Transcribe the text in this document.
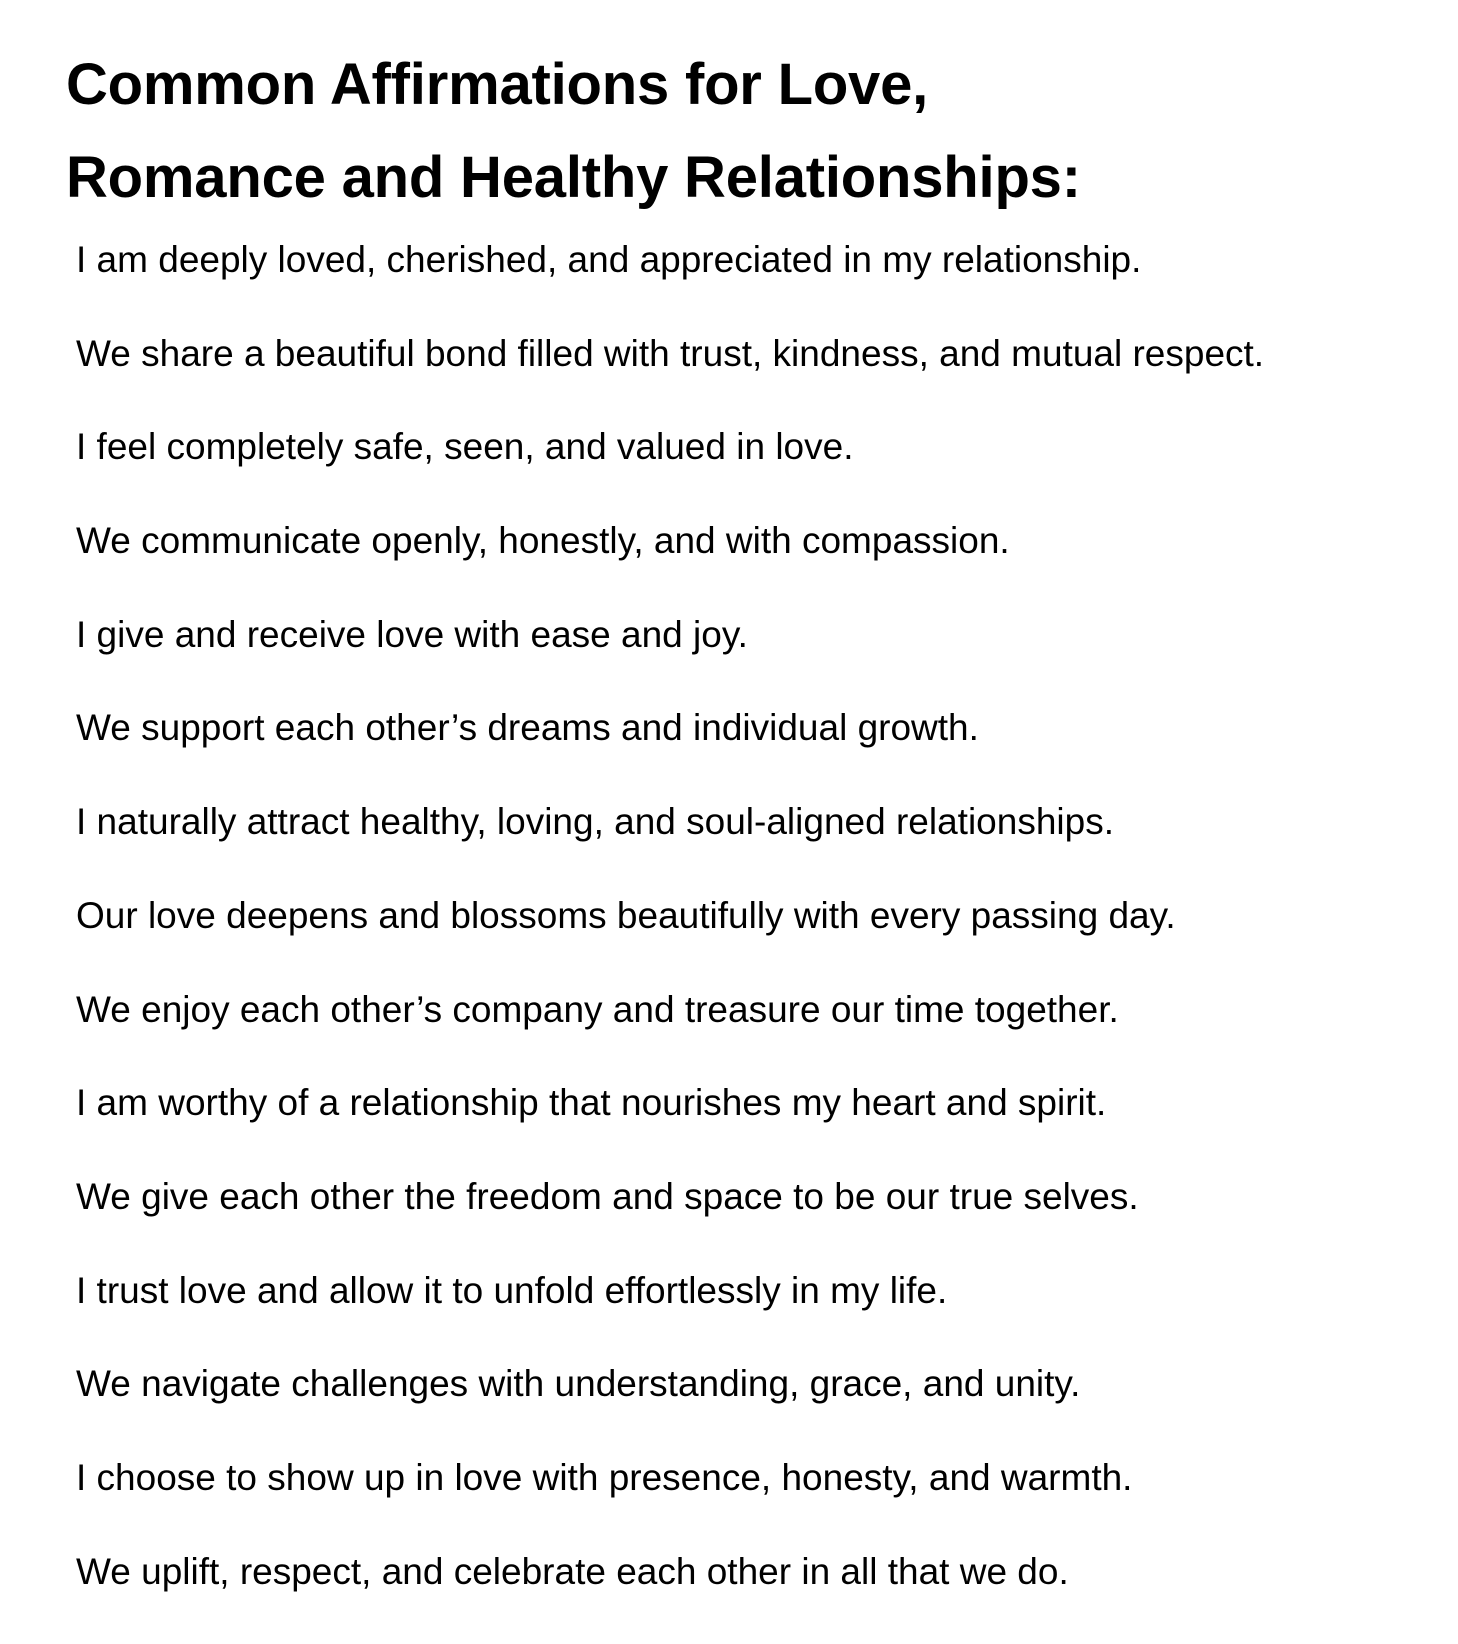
Common Affirmations for Love,
Romance and Healthy Relationships:
I am deeply loved, cherished, and appreciated in my relationship.
We share a beautiful bond filled with trust, kindness, and mutual respect.
I feel completely safe, seen, and valued in love.
We communicate openly, honestly, and with compassion.
I give and receive love with ease and joy.
We support each other’s dreams and individual growth.
I naturally attract healthy, loving, and soul-aligned relationships.
Our love deepens and blossoms beautifully with every passing day.
We enjoy each other’s company and treasure our time together.
I am worthy of a relationship that nourishes my heart and spirit.
We give each other the freedom and space to be our true selves.
I trust love and allow it to unfold effortlessly in my life.
We navigate challenges with understanding, grace, and unity.
I choose to show up in love with presence, honesty, and warmth.
We uplift, respect, and celebrate each other in all that we do.
